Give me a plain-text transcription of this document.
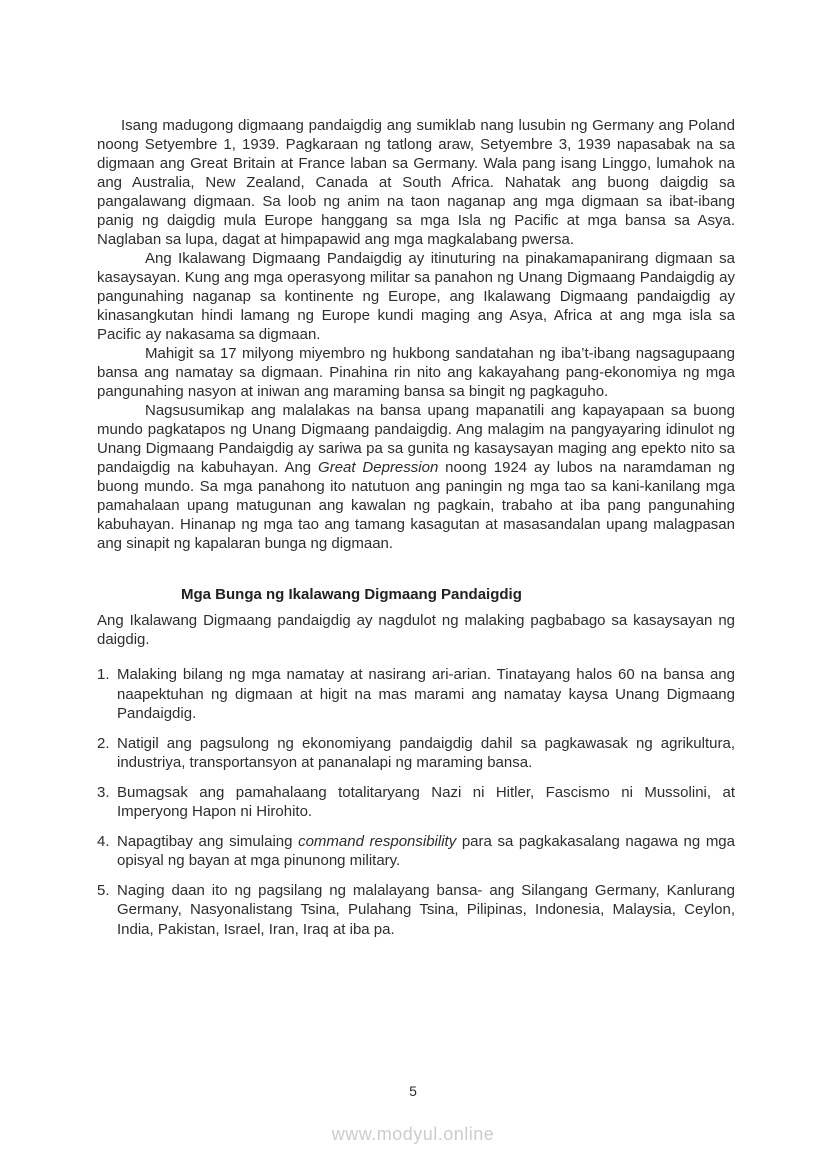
Isang madugong digmaang pandaigdig ang sumiklab nang lusubin ng Germany ang Poland noong Setyembre 1, 1939. Pagkaraan ng tatlong araw, Setyembre 3, 1939 napasabak na sa digmaan ang Great Britain at France laban sa Germany. Wala pang isang Linggo, lumahok na ang Australia, New Zealand, Canada at South Africa. Nahatak ang buong daigdig sa pangalawang digmaan. Sa loob ng anim na taon naganap ang mga digmaan sa ibat-ibang panig ng daigdig mula Europe hanggang sa mga Isla ng Pacific at mga bansa sa Asya. Naglaban sa lupa, dagat at himpapawid ang mga magkalabang pwersa.

Ang Ikalawang Digmaang Pandaigdig ay itinuturing na pinakamapanirang digmaan sa kasaysayan. Kung ang mga operasyong militar sa panahon ng Unang Digmaang Pandaigdig ay pangunahing naganap sa kontinente ng Europe, ang Ikalawang Digmaang pandaigdig ay kinasangkutan hindi lamang ng Europe kundi maging ang Asya, Africa at ang mga isla sa Pacific ay nakasama sa digmaan.

Mahigit sa 17 milyong miyembro ng hukbong sandatahan ng iba’t-ibang nagsagupaang bansa ang namatay sa digmaan. Pinahina rin nito ang kakayahang pang-ekonomiya ng mga pangunahing nasyon at iniwan ang maraming bansa sa bingit ng pagkaguho.

Nagsusumikap ang malalakas na bansa upang mapanatili ang kapayapaan sa buong mundo pagkatapos ng Unang Digmaang pandaigdig. Ang malagim na pangyayaring idinulot ng Unang Digmaang Pandaigdig ay sariwa pa sa gunita ng kasaysayan maging ang epekto nito sa pandaigdig na kabuhayan. Ang Great Depression noong 1924 ay lubos na naramdaman ng buong mundo. Sa mga panahong ito natutuon ang paningin ng mga tao sa kani-kanilang mga pamahalaan upang matugunan ang kawalan ng pagkain, trabaho at iba pang pangunahing kabuhayan. Hinanap ng mga tao ang tamang kasagutan at masasandalan upang malagpasan ang sinapit ng kapalaran bunga ng digmaan.

Mga Bunga ng Ikalawang Digmaang Pandaigdig

Ang Ikalawang Digmaang pandaigdig ay nagdulot ng malaking pagbabago sa kasaysayan ng daigdig.

1. Malaking bilang ng mga namatay at nasirang ari-arian. Tinatayang halos 60 na bansa ang naapektuhan ng digmaan at higit na mas marami ang namatay kaysa Unang Digmaang Pandaigdig.
2. Natigil ang pagsulong ng ekonomiyang pandaigdig dahil sa pagkawasak ng agrikultura, industriya, transportansyon at pananalapi ng maraming bansa.
3. Bumagsak ang pamahalaang totalitaryang Nazi ni Hitler, Fascismo ni Mussolini, at Imperyong Hapon ni Hirohito.
4. Napagtibay ang simulaing command responsibility para sa pagkakasalang nagawa ng mga opisyal ng bayan at mga pinunong military.
5. Naging daan ito ng pagsilang ng malalayang bansa- ang Silangang Germany, Kanlurang Germany, Nasyonalistang Tsina, Pulahang Tsina, Pilipinas, Indonesia, Malaysia, Ceylon, India, Pakistan, Israel, Iran, Iraq at iba pa.
5
www.modyul.online
